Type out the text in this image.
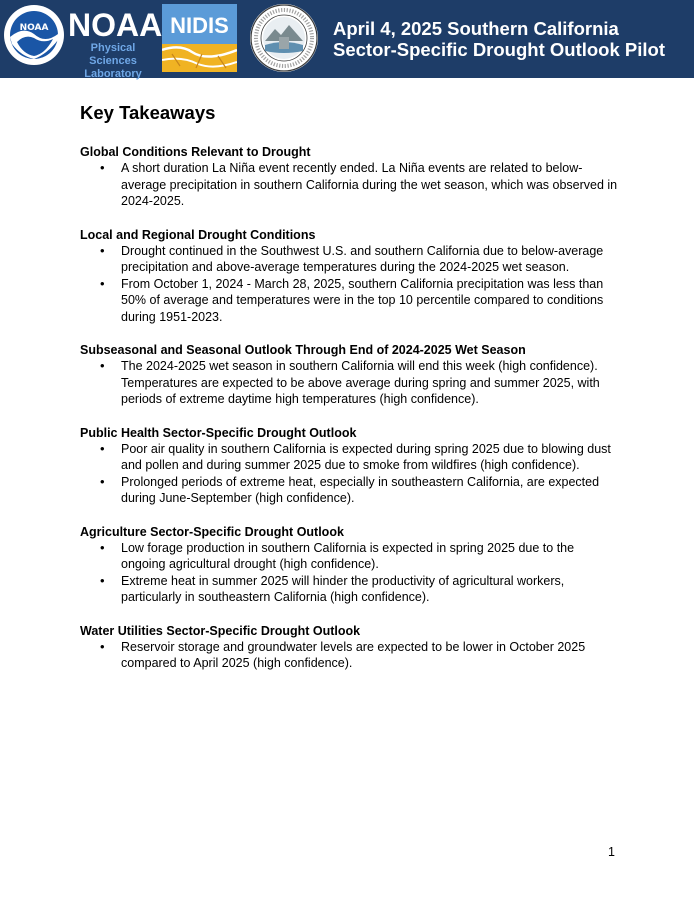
NOAA NOAA
Physical Sciences
Laboratory
NIDIS	April 4, 2025 Southern California
Sector-Specific Drought Outlook Pilot
Key Takeaways
Global Conditions Relevant to Drought
• A short duration La Niña event recently ended. La Niña events are related to below-average precipitation in southern California during the wet season, which was observed in 2024-2025.
Local and Regional Drought Conditions
• Drought continued in the Southwest U.S. and southern California due to below-average precipitation and above-average temperatures during the 2024-2025 wet season.
• From October 1, 2024 - March 28, 2025, southern California precipitation was less than 50% of average and temperatures were in the top 10 percentile compared to conditions during 1951-2023.
Subseasonal and Seasonal Outlook Through End of 2024-2025 Wet Season
• The 2024-2025 wet season in southern California will end this week (high confidence). Temperatures are expected to be above average during spring and summer 2025, with periods of extreme daytime high temperatures (high confidence).
Public Health Sector-Specific Drought Outlook
• Poor air quality in southern California is expected during spring 2025 due to blowing dust and pollen and during summer 2025 due to smoke from wildfires (high confidence).
• Prolonged periods of extreme heat, especially in southeastern California, are expected during June-September (high confidence).
Agriculture Sector-Specific Drought Outlook
• Low forage production in southern California is expected in spring 2025 due to the ongoing agricultural drought (high confidence).
• Extreme heat in summer 2025 will hinder the productivity of agricultural workers, particularly in southeastern California (high confidence).
Water Utilities Sector-Specific Drought Outlook
• Reservoir storage and groundwater levels are expected to be lower in October 2025 compared to April 2025 (high confidence).
1
